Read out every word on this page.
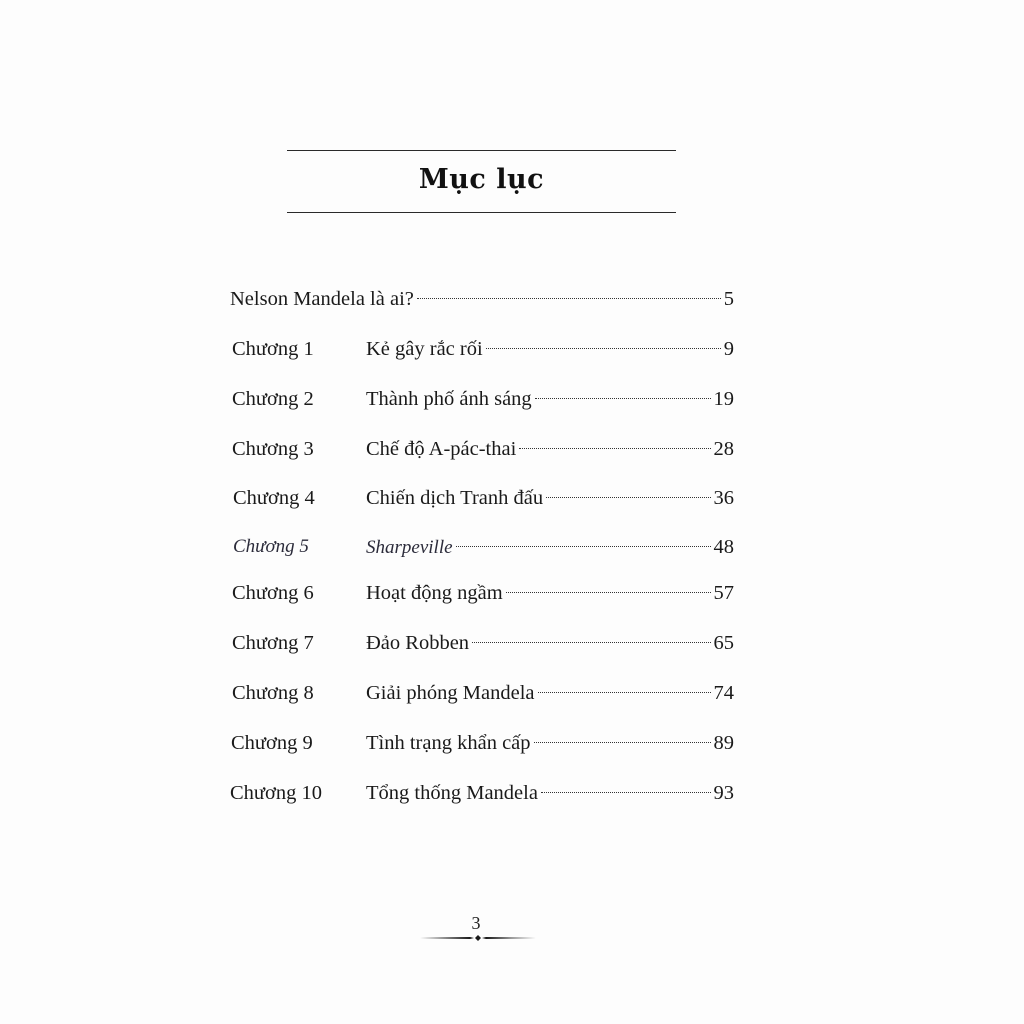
Mục lục
Nelson Mandela là ai?	5
Chương 1	Kẻ gây rắc rối	9
Chương 2	Thành phố ánh sáng	19
Chương 3	Chế độ A-pác-thai	28
Chương 4	Chiến dịch Tranh đấu	36
Chương 5	Sharpeville	48
Chương 6	Hoạt động ngầm	57
Chương 7	Đảo Robben	65
Chương 8	Giải phóng Mandela	74
Chương 9	Tình trạng khẩn cấp	89
Chương 10 Tổng thống Mandela	93
3
